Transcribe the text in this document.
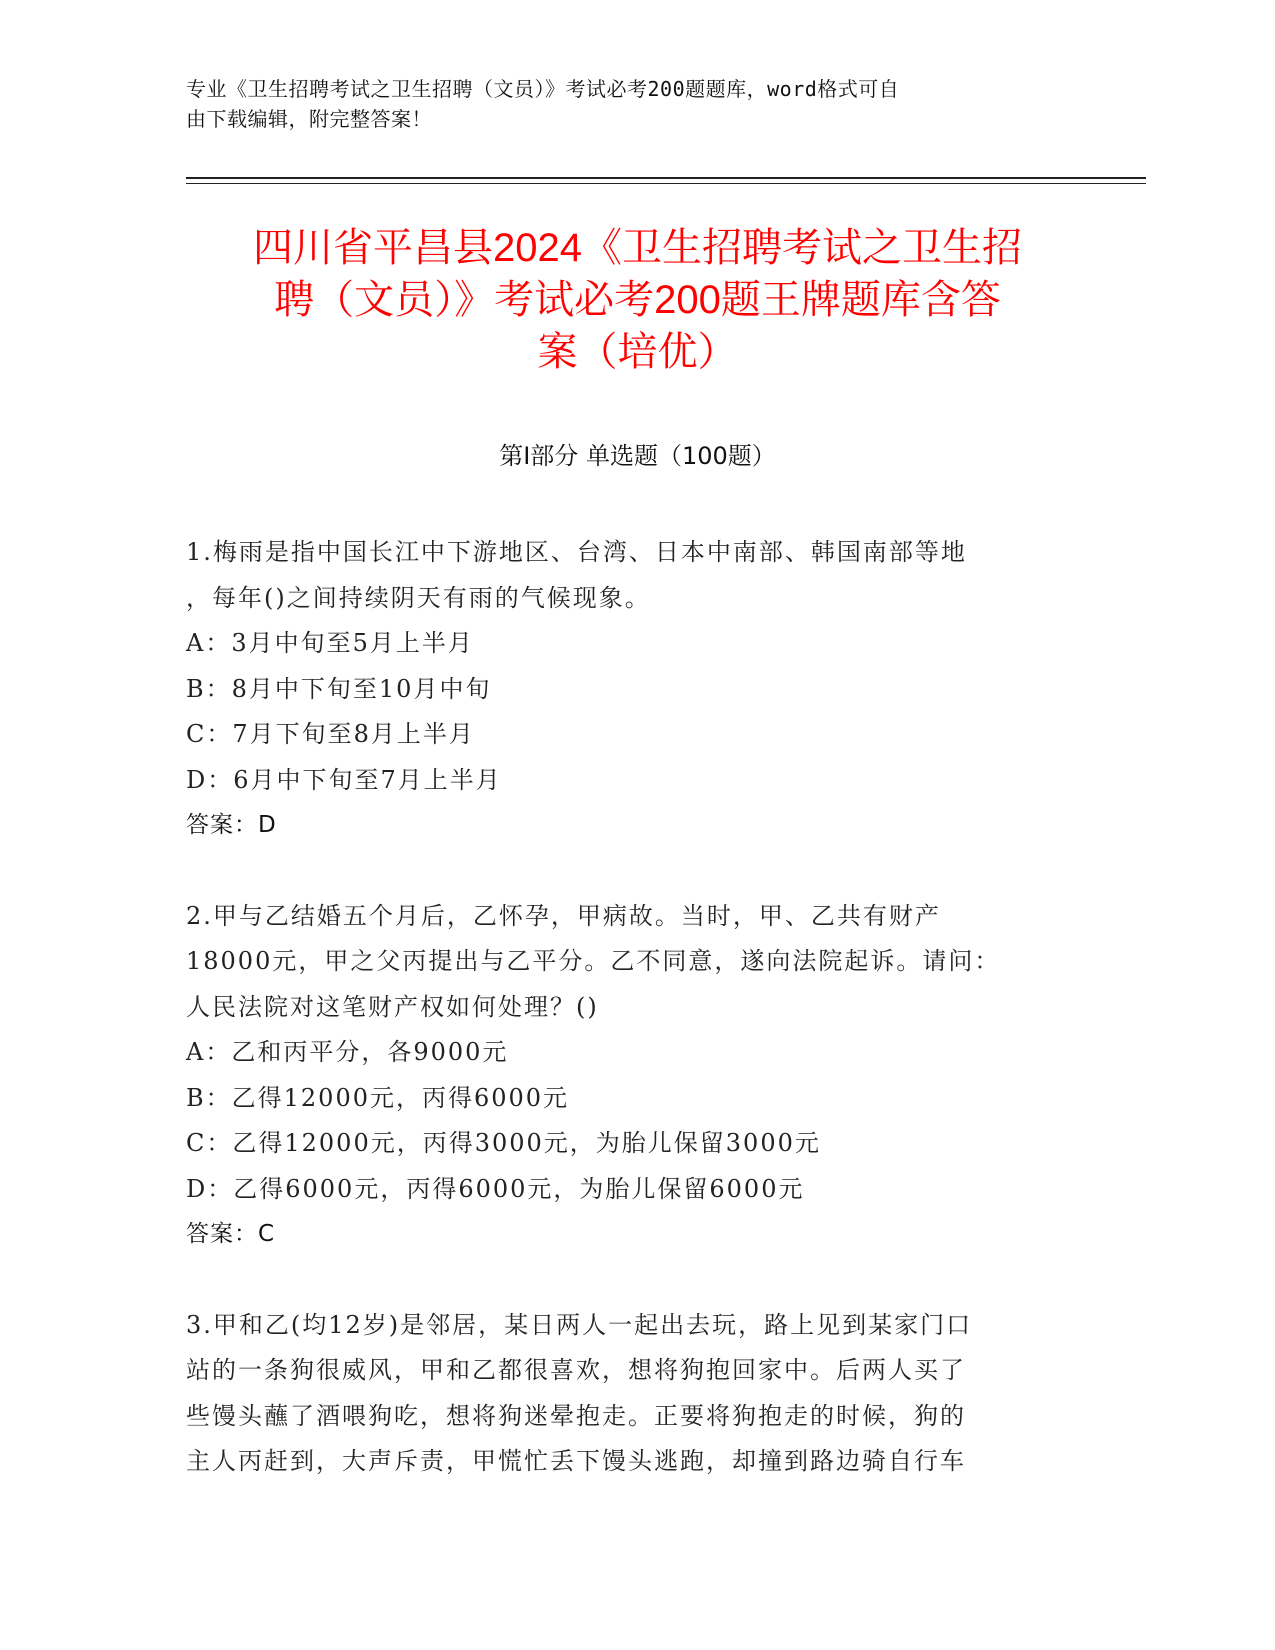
专业《卫生招聘考试之卫生招聘（文员）》考试必考200题题库，word格式可自
由下载编辑，附完整答案！
四川省平昌县2024《卫生招聘考试之卫生招
聘（文员）》考试必考200题王牌题库含答
案（培优）
第Ⅰ部分 单选题（100题）
1.梅雨是指中国长江中下游地区、台湾、日本中南部、韩国南部等地
，每年()之间持续阴天有雨的气候现象。
A：3月中旬至5月上半月
B：8月中下旬至10月中旬
C：7月下旬至8月上半月
D：6月中下旬至7月上半月
答案：D
2.甲与乙结婚五个月后，乙怀孕，甲病故。当时，甲、乙共有财产
18000元，甲之父丙提出与乙平分。乙不同意，遂向法院起诉。请问：
人民法院对这笔财产权如何处理？()
A：乙和丙平分，各9000元
B：乙得12000元，丙得6000元
C：乙得12000元，丙得3000元，为胎儿保留3000元
D：乙得6000元，丙得6000元，为胎儿保留6000元
答案：C
3.甲和乙(均12岁)是邻居，某日两人一起出去玩，路上见到某家门口
站的一条狗很威风，甲和乙都很喜欢，想将狗抱回家中。后两人买了
些馒头蘸了酒喂狗吃，想将狗迷晕抱走。正要将狗抱走的时候，狗的
主人丙赶到，大声斥责，甲慌忙丢下馒头逃跑，却撞到路边骑自行车
